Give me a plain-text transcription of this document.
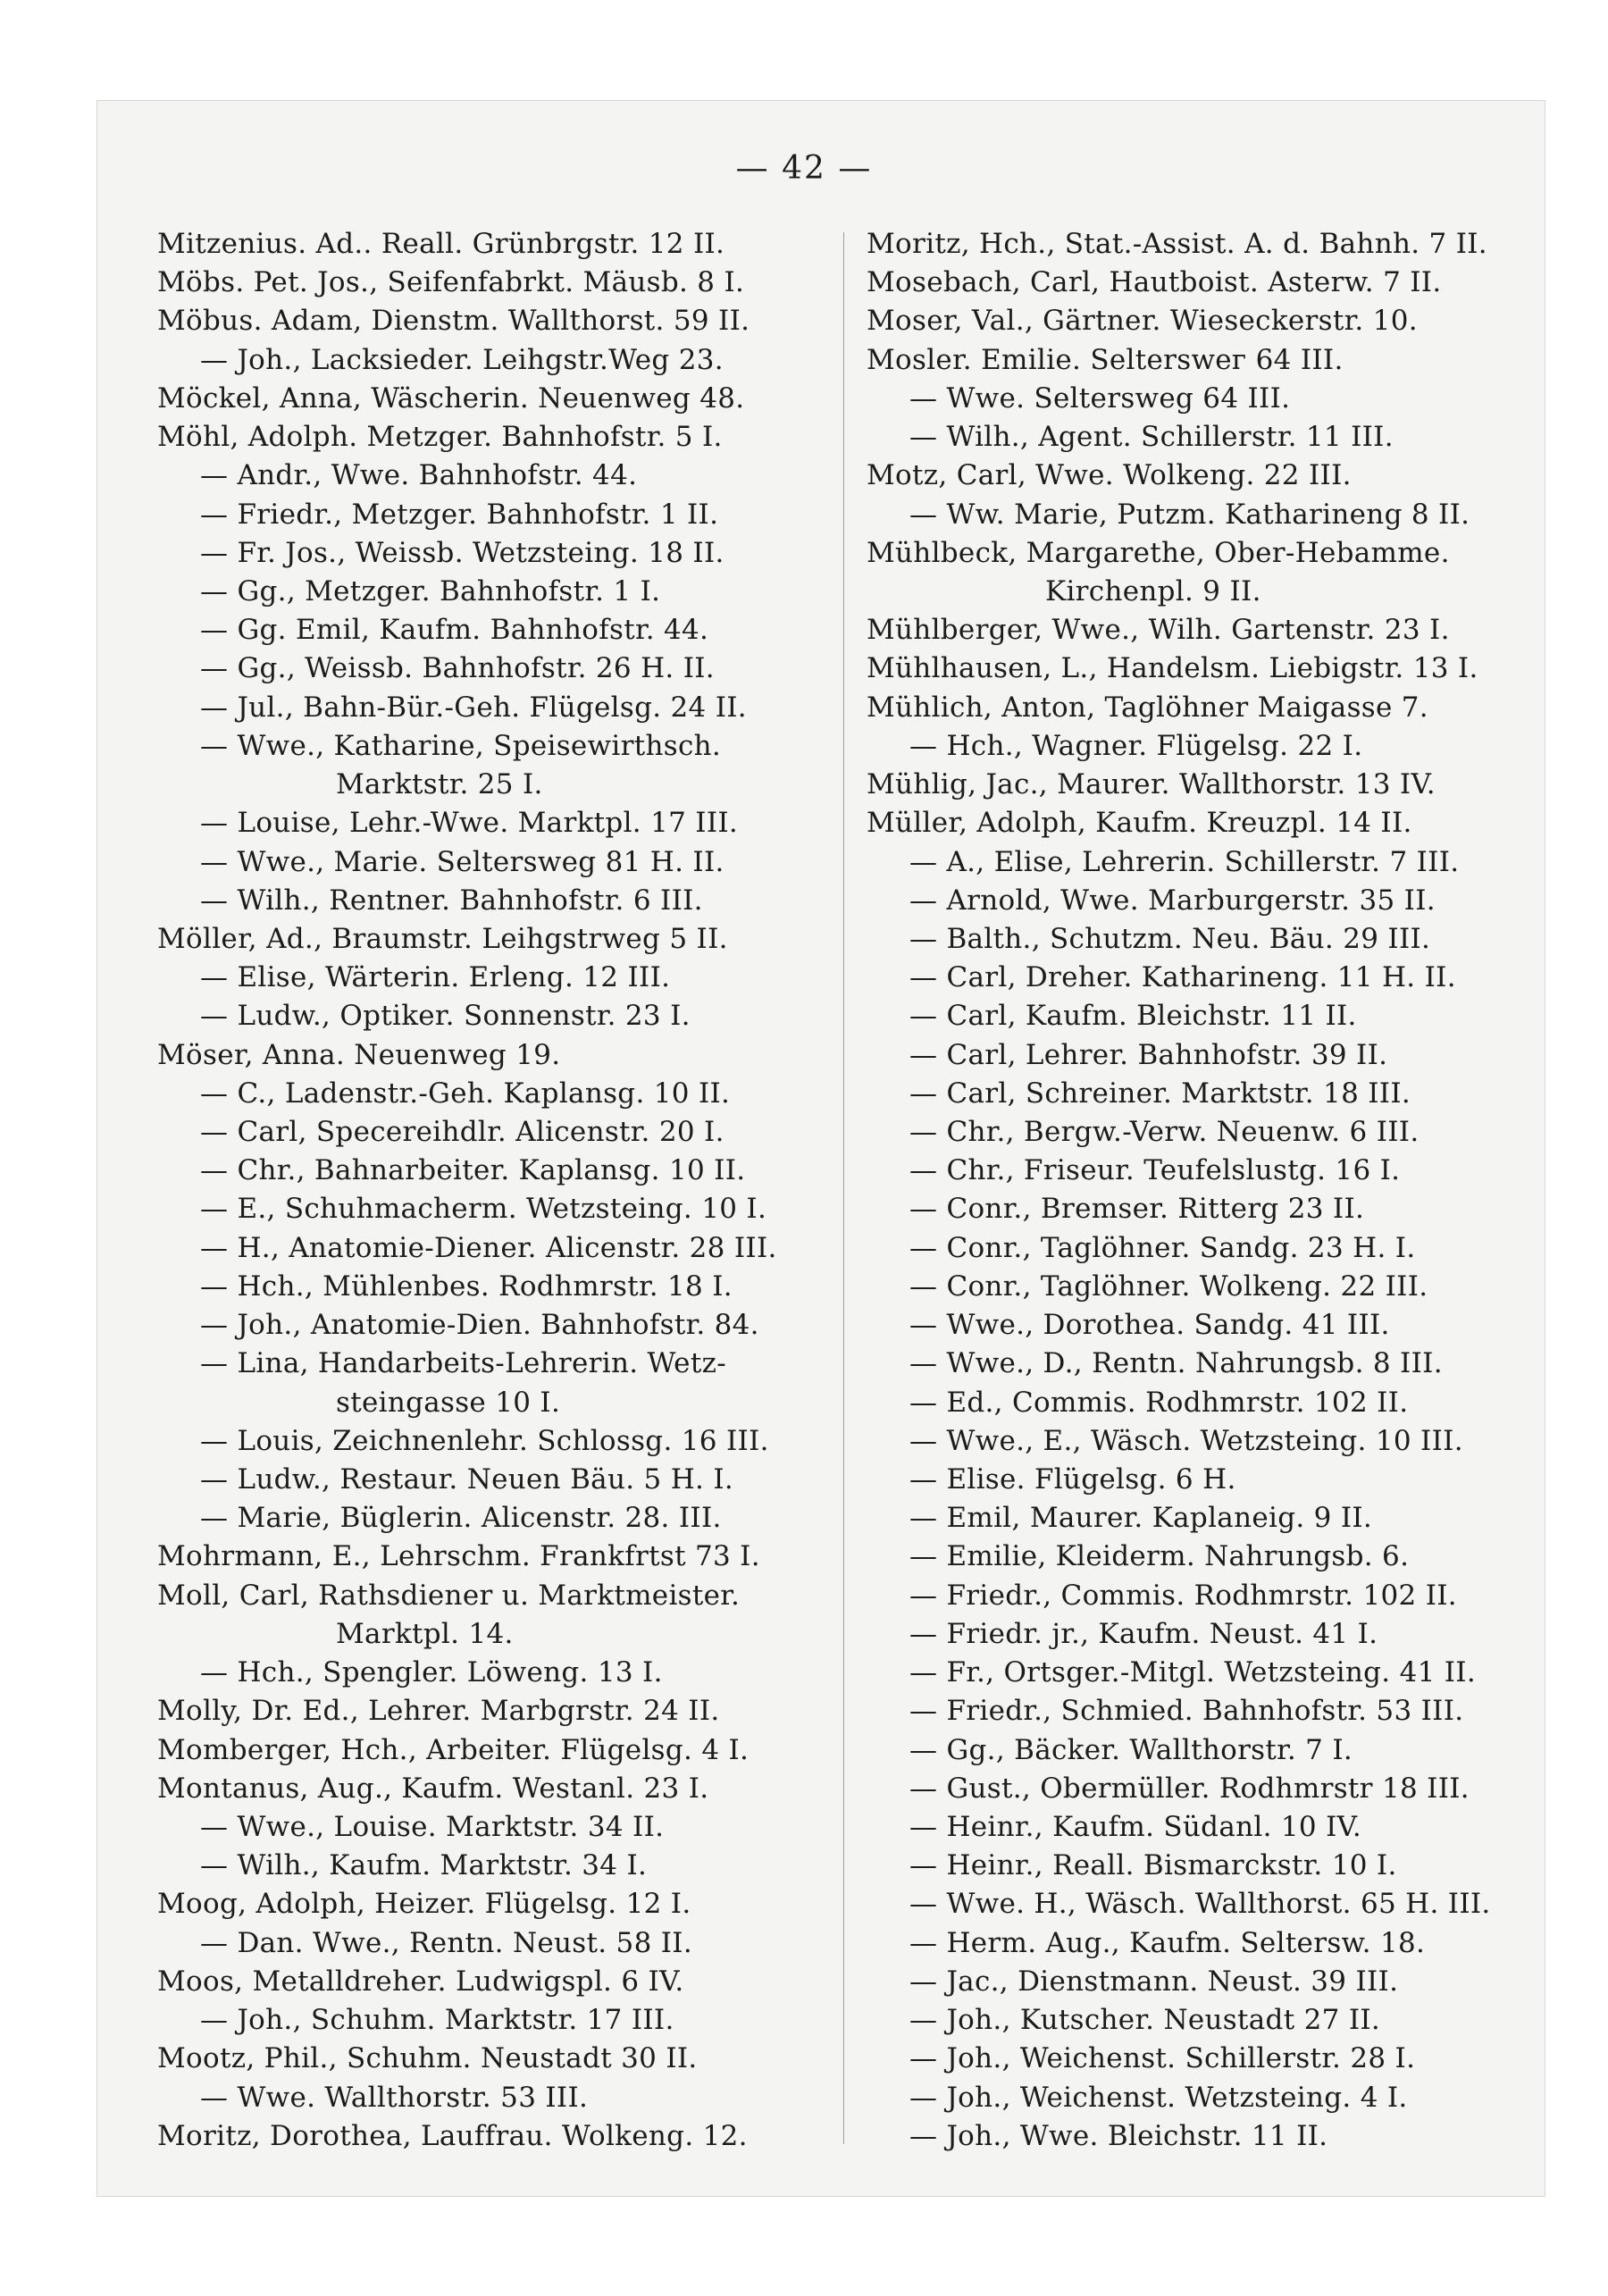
— 42 —
Mitzenius. Ad.. Reall. Grünbrgstr. 12 II.
Möbs. Pet. Jos., Seifenfabrkt. Mäusb. 8 I.
Möbus. Adam, Dienstm. Wallthorst. 59 II.
— Joh., Lacksieder. Leihgstr.Weg 23.
Möckel, Anna, Wäscherin. Neuenweg 48.
Möhl, Adolph. Metzger. Bahnhofstr. 5 I.
— Andr., Wwe. Bahnhofstr. 44.
— Friedr., Metzger. Bahnhofstr. 1 II.
— Fr. Jos., Weissb. Wetzsteing. 18 II.
— Gg., Metzger. Bahnhofstr. 1 I.
— Gg. Emil, Kaufm. Bahnhofstr. 44.
— Gg., Weissb. Bahnhofstr. 26 H. II.
— Jul., Bahn-Bür.-Geh. Flügelsg. 24 II.
— Wwe., Katharine, Speisewirthsch.
Marktstr. 25 I.
— Louise, Lehr.-Wwe. Marktpl. 17 III.
— Wwe., Marie. Seltersweg 81 H. II.
— Wilh., Rentner. Bahnhofstr. 6 III.
Möller, Ad., Braumstr. Leihgstrweg 5 II.
— Elise, Wärterin. Erleng. 12 III.
— Ludw., Optiker. Sonnenstr. 23 I.
Möser, Anna. Neuenweg 19.
— C., Ladenstr.-Geh. Kaplansg. 10 II.
— Carl, Specereihdlr. Alicenstr. 20 I.
— Chr., Bahnarbeiter. Kaplansg. 10 II.
— E., Schuhmacherm. Wetzsteing. 10 I.
— H., Anatomie-Diener. Alicenstr. 28 III.
— Hch., Mühlenbes. Rodhmrstr. 18 I.
— Joh., Anatomie-Dien. Bahnhofstr. 84.
— Lina, Handarbeits-Lehrerin. Wetz-
steingasse 10 I.
— Louis, Zeichnenlehr. Schlossg. 16 III.
— Ludw., Restaur. Neuen Bäu. 5 H. I.
— Marie, Büglerin. Alicenstr. 28. III.
Mohrmann, E., Lehrschm. Frankfrtst 73 I.
Moll, Carl, Rathsdiener u. Marktmeister.
Marktpl. 14.
— Hch., Spengler. Löweng. 13 I.
Molly, Dr. Ed., Lehrer. Marbgrstr. 24 II.
Momberger, Hch., Arbeiter. Flügelsg. 4 I.
Montanus, Aug., Kaufm. Westanl. 23 I.
— Wwe., Louise. Marktstr. 34 II.
— Wilh., Kaufm. Marktstr. 34 I.
Moog, Adolph, Heizer. Flügelsg. 12 I.
— Dan. Wwe., Rentn. Neust. 58 II.
Moos, Metalldreher. Ludwigspl. 6 IV.
— Joh., Schuhm. Marktstr. 17 III.
Mootz, Phil., Schuhm. Neustadt 30 II.
— Wwe. Wallthorstr. 53 III.
Moritz, Dorothea, Lauffrau. Wolkeng. 12.
Moritz, Hch., Stat.-Assist. A. d. Bahnh. 7 II.
Mosebach, Carl, Hautboist. Asterw. 7 II.
Moser, Val., Gärtner. Wieseckerstr. 10.
Mosler. Emilie. Selterswег 64 III.
— Wwe. Seltersweg 64 III.
— Wilh., Agent. Schillerstr. 11 III.
Motz, Carl, Wwe. Wolkeng. 22 III.
— Ww. Marie, Putzm. Katharineng 8 II.
Mühlbeck, Margarethe, Ober-Hebamme.
Kirchenpl. 9 II.
Mühlberger, Wwe., Wilh. Gartenstr. 23 I.
Mühlhausen, L., Handelsm. Liebigstr. 13 I.
Mühlich, Anton, Taglöhner Maigasse 7.
— Hch., Wagner. Flügelsg. 22 I.
Mühlig, Jac., Maurer. Wallthorstr. 13 IV.
Müller, Adolph, Kaufm. Kreuzpl. 14 II.
— A., Elise, Lehrerin. Schillerstr. 7 III.
— Arnold, Wwe. Marburgerstr. 35 II.
— Balth., Schutzm. Neu. Bäu. 29 III.
— Carl, Dreher. Katharineng. 11 H. II.
— Carl, Kaufm. Bleichstr. 11 II.
— Carl, Lehrer. Bahnhofstr. 39 II.
— Carl, Schreiner. Marktstr. 18 III.
— Chr., Bergw.-Verw. Neuenw. 6 III.
— Chr., Friseur. Teufelslustg. 16 I.
— Conr., Bremser. Ritterg 23 II.
— Conr., Taglöhner. Sandg. 23 H. I.
— Conr., Taglöhner. Wolkeng. 22 III.
— Wwe., Dorothea. Sandg. 41 III.
— Wwe., D., Rentn. Nahrungsb. 8 III.
— Ed., Commis. Rodhmrstr. 102 II.
— Wwe., E., Wäsch. Wetzsteing. 10 III.
— Elise. Flügelsg. 6 H.
— Emil, Maurer. Kaplaneig. 9 II.
— Emilie, Kleiderm. Nahrungsb. 6.
— Friedr., Commis. Rodhmrstr. 102 II.
— Friedr. jr., Kaufm. Neust. 41 I.
— Fr., Ortsger.-Mitgl. Wetzsteing. 41 II.
— Friedr., Schmied. Bahnhofstr. 53 III.
— Gg., Bäcker. Wallthorstr. 7 I.
— Gust., Obermüller. Rodhmrstr 18 III.
— Heinr., Kaufm. Südanl. 10 IV.
— Heinr., Reall. Bismarckstr. 10 I.
— Wwe. H., Wäsch. Wallthorst. 65 H. III.
— Herm. Aug., Kaufm. Seltersw. 18.
— Jac., Dienstmann. Neust. 39 III.
— Joh., Kutscher. Neustadt 27 II.
— Joh., Weichenst. Schillerstr. 28 I.
— Joh., Weichenst. Wetzsteing. 4 I.
— Joh., Wwe. Bleichstr. 11 II.
